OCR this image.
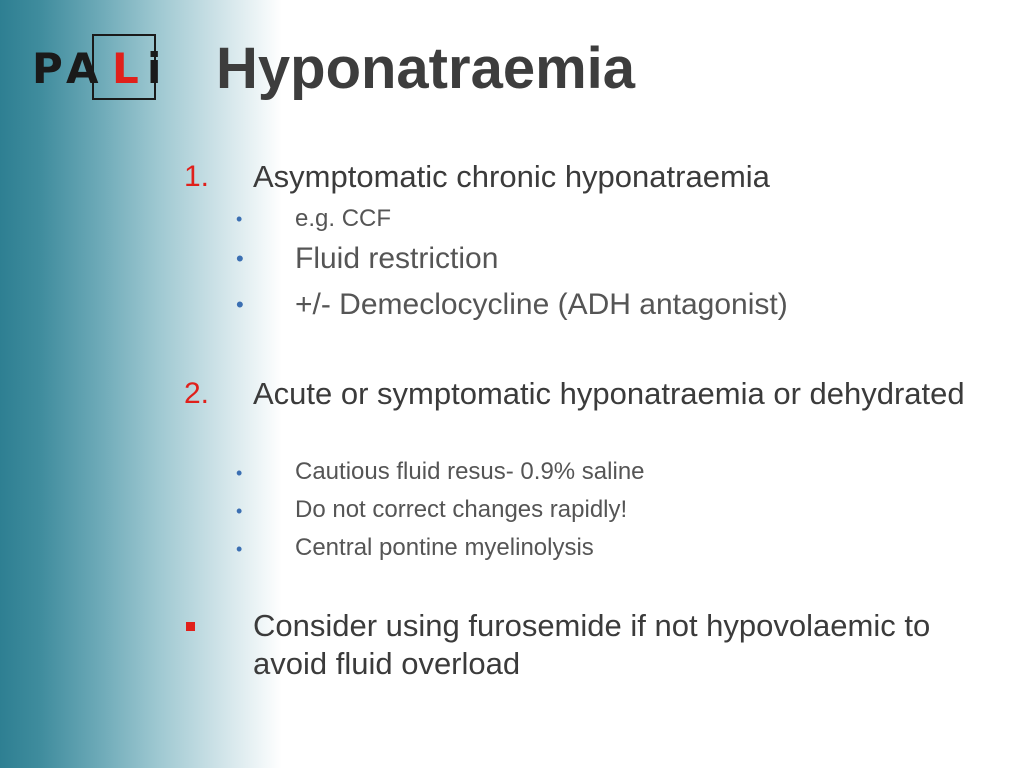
P A L i Hyponatraemia
1. Asymptomatic chronic hyponatraemia
• e.g. CCF
• Fluid restriction
• +/- Demeclocycline (ADH antagonist)
2. Acute or symptomatic hyponatraemia or dehydrated
• Cautious fluid resus- 0.9% saline
• Do not correct changes rapidly!
• Central pontine myelinolysis
Consider using furosemide if not hypovolaemic to avoid fluid overload
